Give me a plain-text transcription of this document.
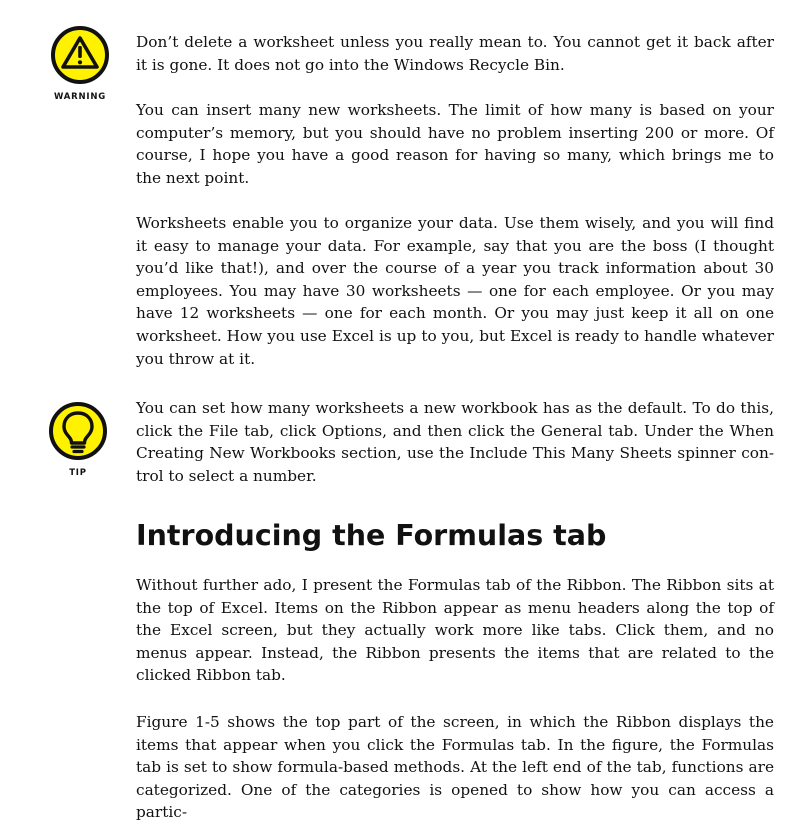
WARNING
TIP

Don’t delete a worksheet unless you really mean to. You cannot get it back after it is gone. It does not go into the Windows Recycle Bin.

You can insert many new worksheets. The limit of how many is based on your computer’s memory, but you should have no problem inserting 200 or more. Of course, I hope you have a good reason for having so many, which brings me to the next point.

Worksheets enable you to organize your data. Use them wisely, and you will find it easy to manage your data. For example, say that you are the boss (I thought you’d like that!), and over the course of a year you track information about 30 employees. You may have 30 worksheets — one for each employee. Or you may have 12 worksheets — one for each month. Or you may just keep it all on one worksheet. How you use Excel is up to you, but Excel is ready to handle whatever you throw at it.

You can set how many worksheets a new workbook has as the default. To do this, click the File tab, click Options, and then click the General tab. Under the When Creating New Workbooks section, use the Include This Many Sheets spinner control to select a number.

Introducing the Formulas tab

Without further ado, I present the Formulas tab of the Ribbon. The Ribbon sits at the top of Excel. Items on the Ribbon appear as menu headers along the top of the Excel screen, but they actually work more like tabs. Click them, and no menus appear. Instead, the Ribbon presents the items that are related to the clicked Ribbon tab.

Figure 1-5 shows the top part of the screen, in which the Ribbon displays the items that appear when you click the Formulas tab. In the figure, the Formulas tab is set to show formula-based methods. At the left end of the tab, functions are categorized. One of the categories is opened to show how you can access a partic-
